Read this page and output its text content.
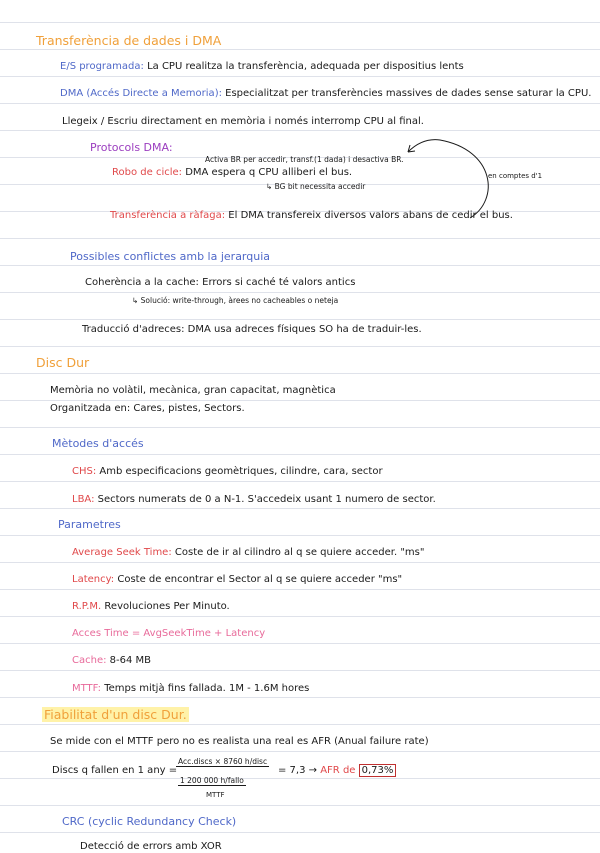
Transferència de dades i DMA
E/S programada: La CPU realitza la transferència, adequada per dispositius lents
DMA (Accés Directe a Memoria): Especialitzat per transferències massives de dades sense saturar la CPU.
Llegeix / Escriu directament en memòria i només interromp CPU al final.
Protocols DMA:
Activa BR per accedir, transf.(1 dada) i desactiva BR.
Robo de cicle: DMA espera q CPU alliberi el bus.
↳ BG bit necessita accedir
en comptes d'1
Transferència a ràfaga: El DMA transfereix diversos valors abans de cedir el bus.
Possibles conflictes amb la jerarquia
Coherència a la cache: Errors si caché té valors antics
↳ Solució: write-through, àrees no cacheables o neteja
Traducció d'adreces: DMA usa adreces físiques SO ha de traduir-les.
Disc Dur
Memòria no volàtil, mecànica, gran capacitat, magnètica
Organitzada en: Cares, pistes, Sectors.
Mètodes d'accés
CHS: Amb especificacions geomètriques, cilindre, cara, sector
LBA: Sectors numerats de 0 a N-1. S'accedeix usant 1 numero de sector.
Parametres
Average Seek Time: Coste de ir al cilindro al q se quiere acceder. "ms"
Latency: Coste de encontrar el Sector al q se quiere acceder "ms"
R.P.M. Revoluciones Per Minuto.
Acces Time = AvgSeekTime + Latency
Cache: 8-64 MB
MTTF: Temps mitjà fins fallada. 1M - 1.6M hores
Fiabilitat d'un disc Dur.
Se mide con el MTTF pero no es realista una real es AFR (Anual failure rate)
Discs q fallen en 1 any =
Acc.discs × 8760 h/disc
1 200 000 h/fallo
MTTF
= 7,3 → AFR de 0,73%
CRC (cyclic Redundancy Check)
Detecció de errors amb XOR
